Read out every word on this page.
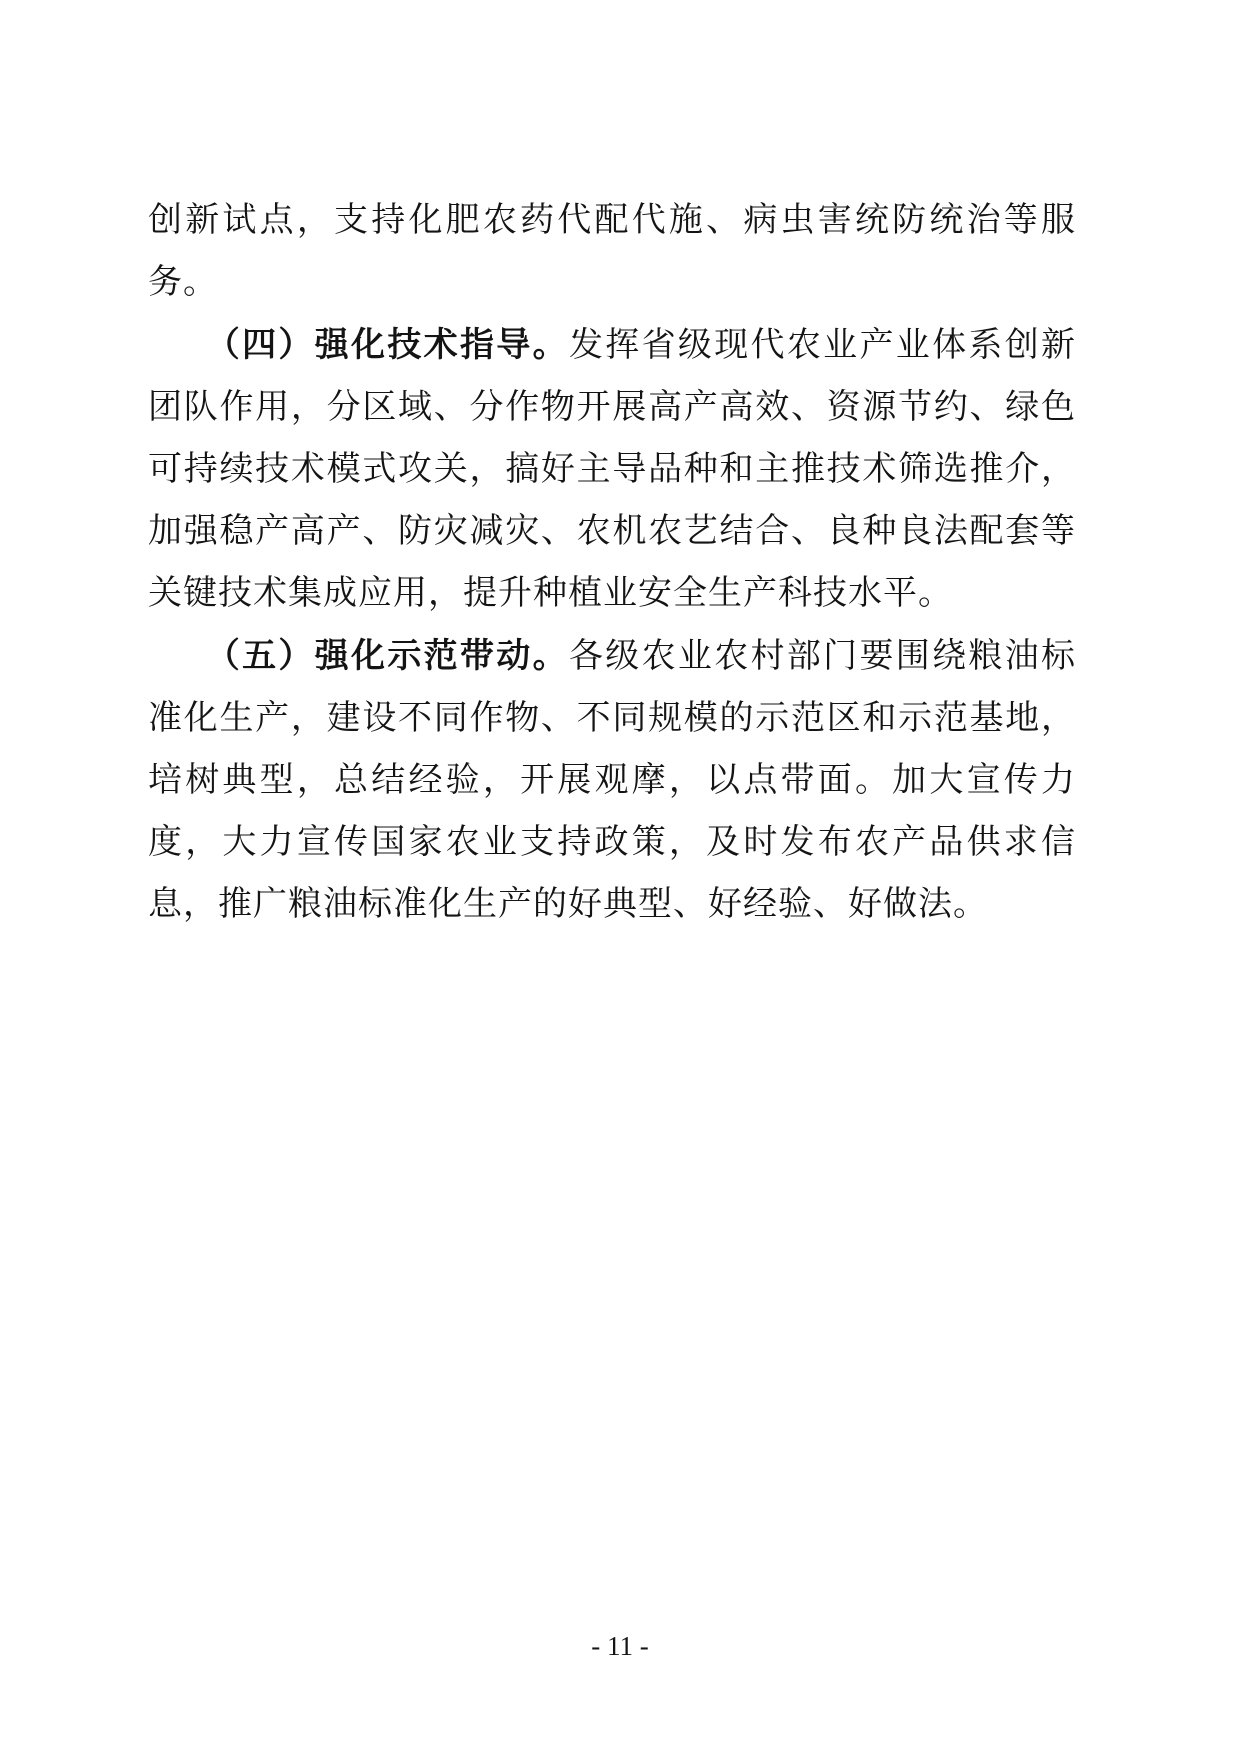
创新试点，支持化肥农药代配代施、病虫害统防统治等服务。

（四）强化技术指导。发挥省级现代农业产业体系创新团队作用，分区域、分作物开展高产高效、资源节约、绿色可持续技术模式攻关，搞好主导品种和主推技术筛选推介，加强稳产高产、防灾减灾、农机农艺结合、良种良法配套等关键技术集成应用，提升种植业安全生产科技水平。

（五）强化示范带动。各级农业农村部门要围绕粮油标准化生产，建设不同作物、不同规模的示范区和示范基地，培树典型，总结经验，开展观摩，以点带面。加大宣传力度，大力宣传国家农业支持政策，及时发布农产品供求信息，推广粮油标准化生产的好典型、好经验、好做法。

- 11 -
